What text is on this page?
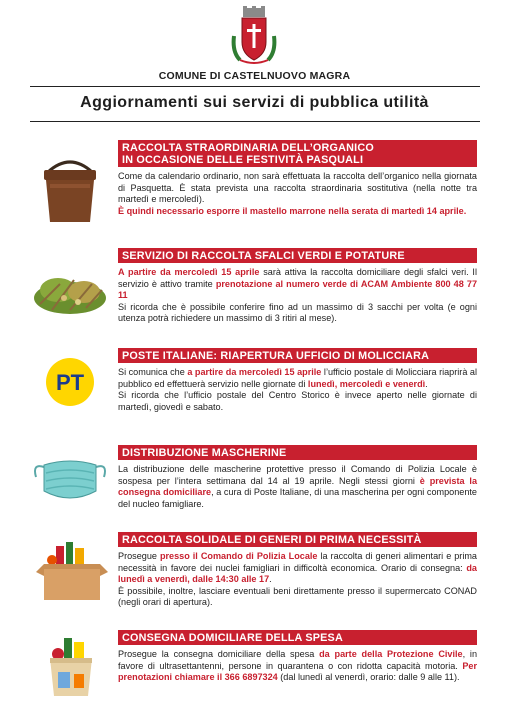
COMUNE DI CASTELNUOVO MAGRA
Aggiornamenti sui servizi di pubblica utilità
RACCOLTA STRAORDINARIA DELL’ORGANICO
IN OCCASIONE DELLE FESTIVITÀ PASQUALI

Come da calendario ordinario, non sarà effettuata la raccolta dell’organico nella giornata di Pasquetta. È stata prevista una raccolta straordinaria sostitutiva (nella notte tra martedì e mercoledì).

È quindi necessario esporre il mastello marrone nella serata di martedì 14 aprile.

SERVIZIO DI RACCOLTA SFALCI VERDI E POTATURE

A partire da mercoledì 15 aprile sarà attiva la raccolta domiciliare degli sfalci veri. Il servizio è attivo tramite prenotazione al numero verde di ACAM Ambiente 800 48 77 11

Si ricorda che è possibile conferire fino ad un massimo di 3 sacchi per volta (e ogni utenza potrà richiedere un massimo di 3 ritiri al mese).

PT
POSTE ITALIANE: RIAPERTURA UFFICIO DI MOLICCIARA

Si comunica che a partire da mercoledì 15 aprile l’ufficio postale di Molicciara riaprirà al pubblico ed effettuerà servizio nelle giornate di lunedì, mercoledì e venerdì.

Si ricorda che l’ufficio postale del Centro Storico è invece aperto nelle giornate di martedì, giovedì e sabato.

DISTRIBUZIONE MASCHERINE

La distribuzione delle mascherine protettive presso il Comando di Polizia Locale è sospesa per l’intera settimana dal 14 al 19 aprile. Negli stessi giorni è prevista la consegna domiciliare, a cura di Poste Italiane, di una mascherina per ogni componente del nucleo famigliare.

RACCOLTA SOLIDALE DI GENERI DI PRIMA NECESSITÀ

Prosegue presso il Comando di Polizia Locale la raccolta di generi alimentari e prima necessità in favore dei nuclei famigliari in difficoltà economica. Orario di consegna: da lunedì a venerdì, dalle 14:30 alle 17.

È possibile, inoltre, lasciare eventuali beni direttamente presso il supermercato CONAD (negli orari di apertura).

CONSEGNA DOMICILIARE DELLA SPESA

Prosegue la consegna domiciliare della spesa da parte della Protezione Civile, in favore di ultrasettantenni, persone in quarantena o con ridotta capacità motoria. Per prenotazioni chiamare il 366 6897324 (dal lunedì al venerdì, orario: dalle 9 alle 11).
